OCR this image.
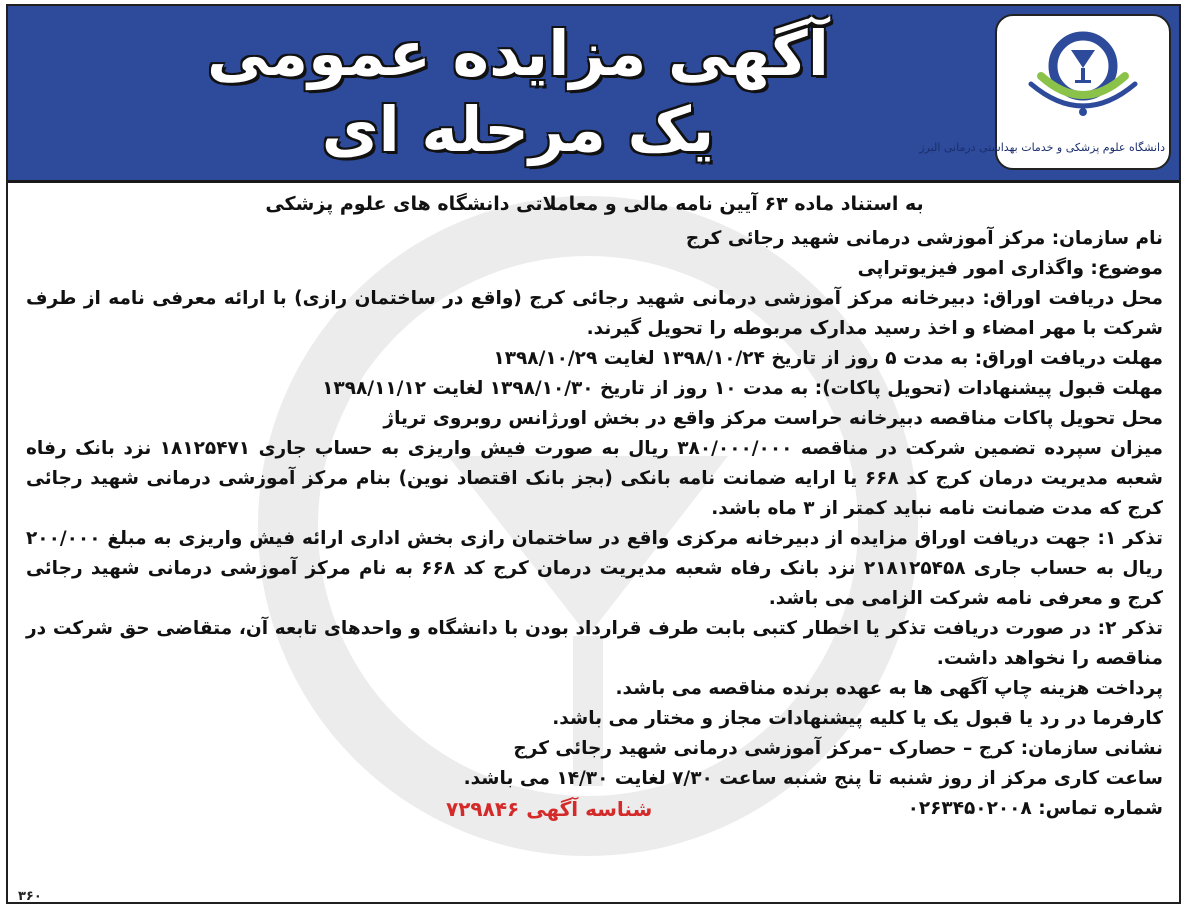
آگهی مزایده عمومی
یک مرحله ای	دانشگاه علوم پزشکی و خدمات بهداشتی درمانی البرز
به استناد ماده ۶۳ آیین نامه مالی و معاملاتی دانشگاه های علوم پزشکی

نام سازمان: مرکز آموزشی درمانی شهید رجائی کرج

موضوع: واگذاری امور فیزیوتراپی

محل دریافت اوراق: دبیرخانه مرکز آموزشی درمانی شهید رجائی کرج (واقع در ساختمان رازی) با ارائه معرفی نامه از طرف شرکت با مهر امضاء و اخذ رسید مدارک مربوطه را تحویل گیرند.

مهلت دریافت اوراق: به مدت ۵ روز از تاریخ ۱۳۹۸/۱۰/۲۴ لغایت ۱۳۹۸/۱۰/۲۹

مهلت قبول پیشنهادات (تحویل پاکات): به مدت ۱۰ روز از تاریخ ۱۳۹۸/۱۰/۳۰ لغایت ۱۳۹۸/۱۱/۱۲

محل تحویل پاکات مناقصه دبیرخانه حراست مرکز واقع در بخش اورژانس روبروی تریاژ

میزان سپرده تضمین شرکت در مناقصه ۳۸۰/۰۰۰/۰۰۰ ریال به صورت فیش واریزی به حساب جاری ۱۸۱۲۵۴۷۱ نزد بانک رفاه شعبه مدیریت درمان کرج کد ۶۶۸ یا ارایه ضمانت نامه بانکی (بجز بانک اقتصاد نوین) بنام مرکز آموزشی درمانی شهید رجائی کرج که مدت ضمانت نامه نباید کمتر از ۳ ماه باشد.

تذکر ۱: جهت دریافت اوراق مزایده از دبیرخانه مرکزی واقع در ساختمان رازی بخش اداری ارائه فیش واریزی به مبلغ ۲۰۰/۰۰۰ ریال به حساب جاری ۲۱۸۱۲۵۴۵۸ نزد بانک رفاه شعبه مدیریت درمان کرج کد ۶۶۸ به نام مرکز آموزشی درمانی شهید رجائی کرج و معرفی نامه شرکت الزامی می باشد.

تذکر ۲: در صورت دریافت تذکر یا اخطار کتبی بابت طرف قرارداد بودن با دانشگاه و واحدهای تابعه آن، متقاضی حق شرکت در مناقصه را نخواهد داشت.

پرداخت هزینه چاپ آگهی ها به عهده برنده مناقصه می باشد.

کارفرما در رد یا قبول یک یا کلیه پیشنهادات مجاز و مختار می باشد.

نشانی سازمان: کرج – حصارک –مرکز آموزشی درمانی شهید رجائی کرج

ساعت کاری مرکز از روز شنبه تا پنج شنبه ساعت ۷/۳۰ لغایت ۱۴/۳۰ می باشد.

شماره تماس: ۰۲۶۳۴۵۰۲۰۰۸
شناسه آگهی ۷۲۹۸۴۶
۳۶۰
